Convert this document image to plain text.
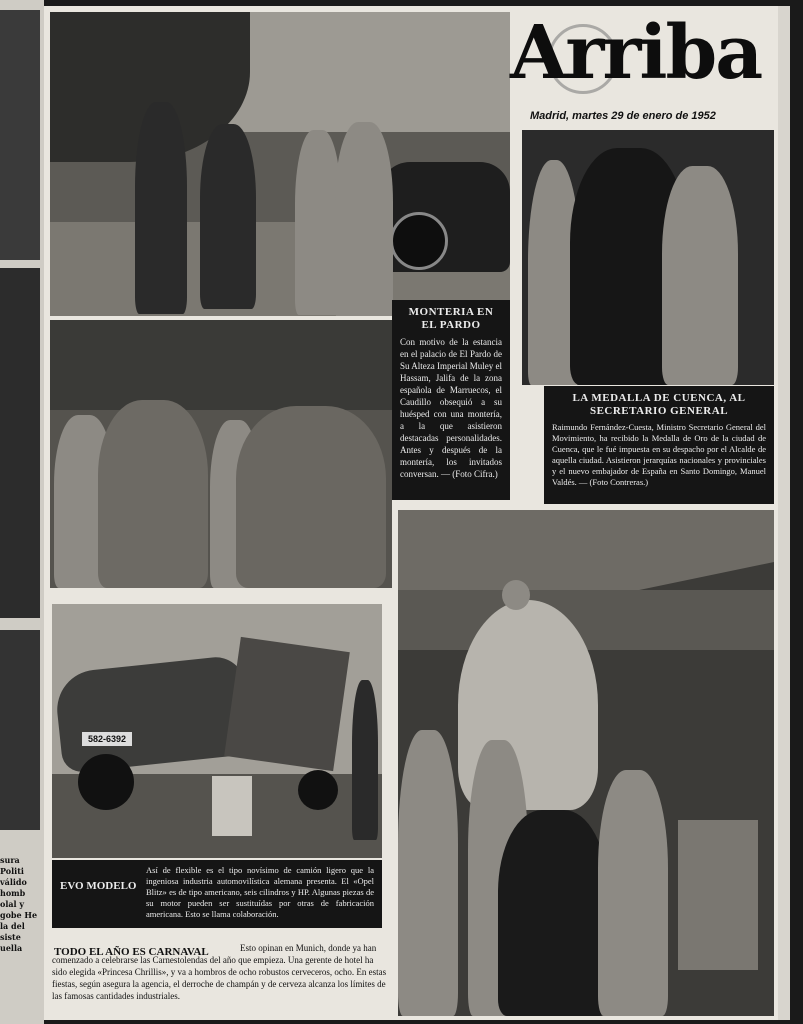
sura Politi válido homb olal y gobe He la del siste uella
Arriba
Madrid, martes 29 de enero de 1952
MONTERIA EN EL PARDO

Con motivo de la estancia en el palacio de El Pardo de Su Alteza Imperial Muley el Hassam, Jalifa de la zona española de Marruecos, el Caudillo obsequió a su huésped con una montería, a la que asistieron destacadas personalidades. Antes y después de la montería, los invitados conversan. — (Foto Cifra.)

LA MEDALLA DE CUENCA, AL SECRETARIO GENERAL

Raimundo Fernández-Cuesta, Ministro Secretario General del Movimiento, ha recibido la Medalla de Oro de la ciudad de Cuenca, que le fué impuesta en su despacho por el Alcalde de aquella ciudad. Asistieron jerarquías nacionales y provinciales y el nuevo embajador de España en Santo Domingo, Manuel Valdés. — (Foto Contreras.)

582-6392
EVO MODELO

Así de flexible es el tipo novísimo de camión ligero que la ingeniosa industria automovilística alemana presenta. El «Opel Blitz» es de tipo americano, seis cilindros y HP. Algunas piezas de su motor pueden ser sustituídas por otras de fabricación americana. Esto se llama colaboración.

TODO EL AÑO ES CARNAVAL	Esto opinan en Munich, donde ya han comenzado a celebrarse las Carnestolendas del año que empieza. Una gerente de hotel ha sido elegida «Princesa Chrillis», y va a hombros de ocho robustos cerveceros, ocho. En estas fiestas, según asegura la agencia, el derroche de champán y de cerveza alcanza los límites de las famosas cantidades industriales.
